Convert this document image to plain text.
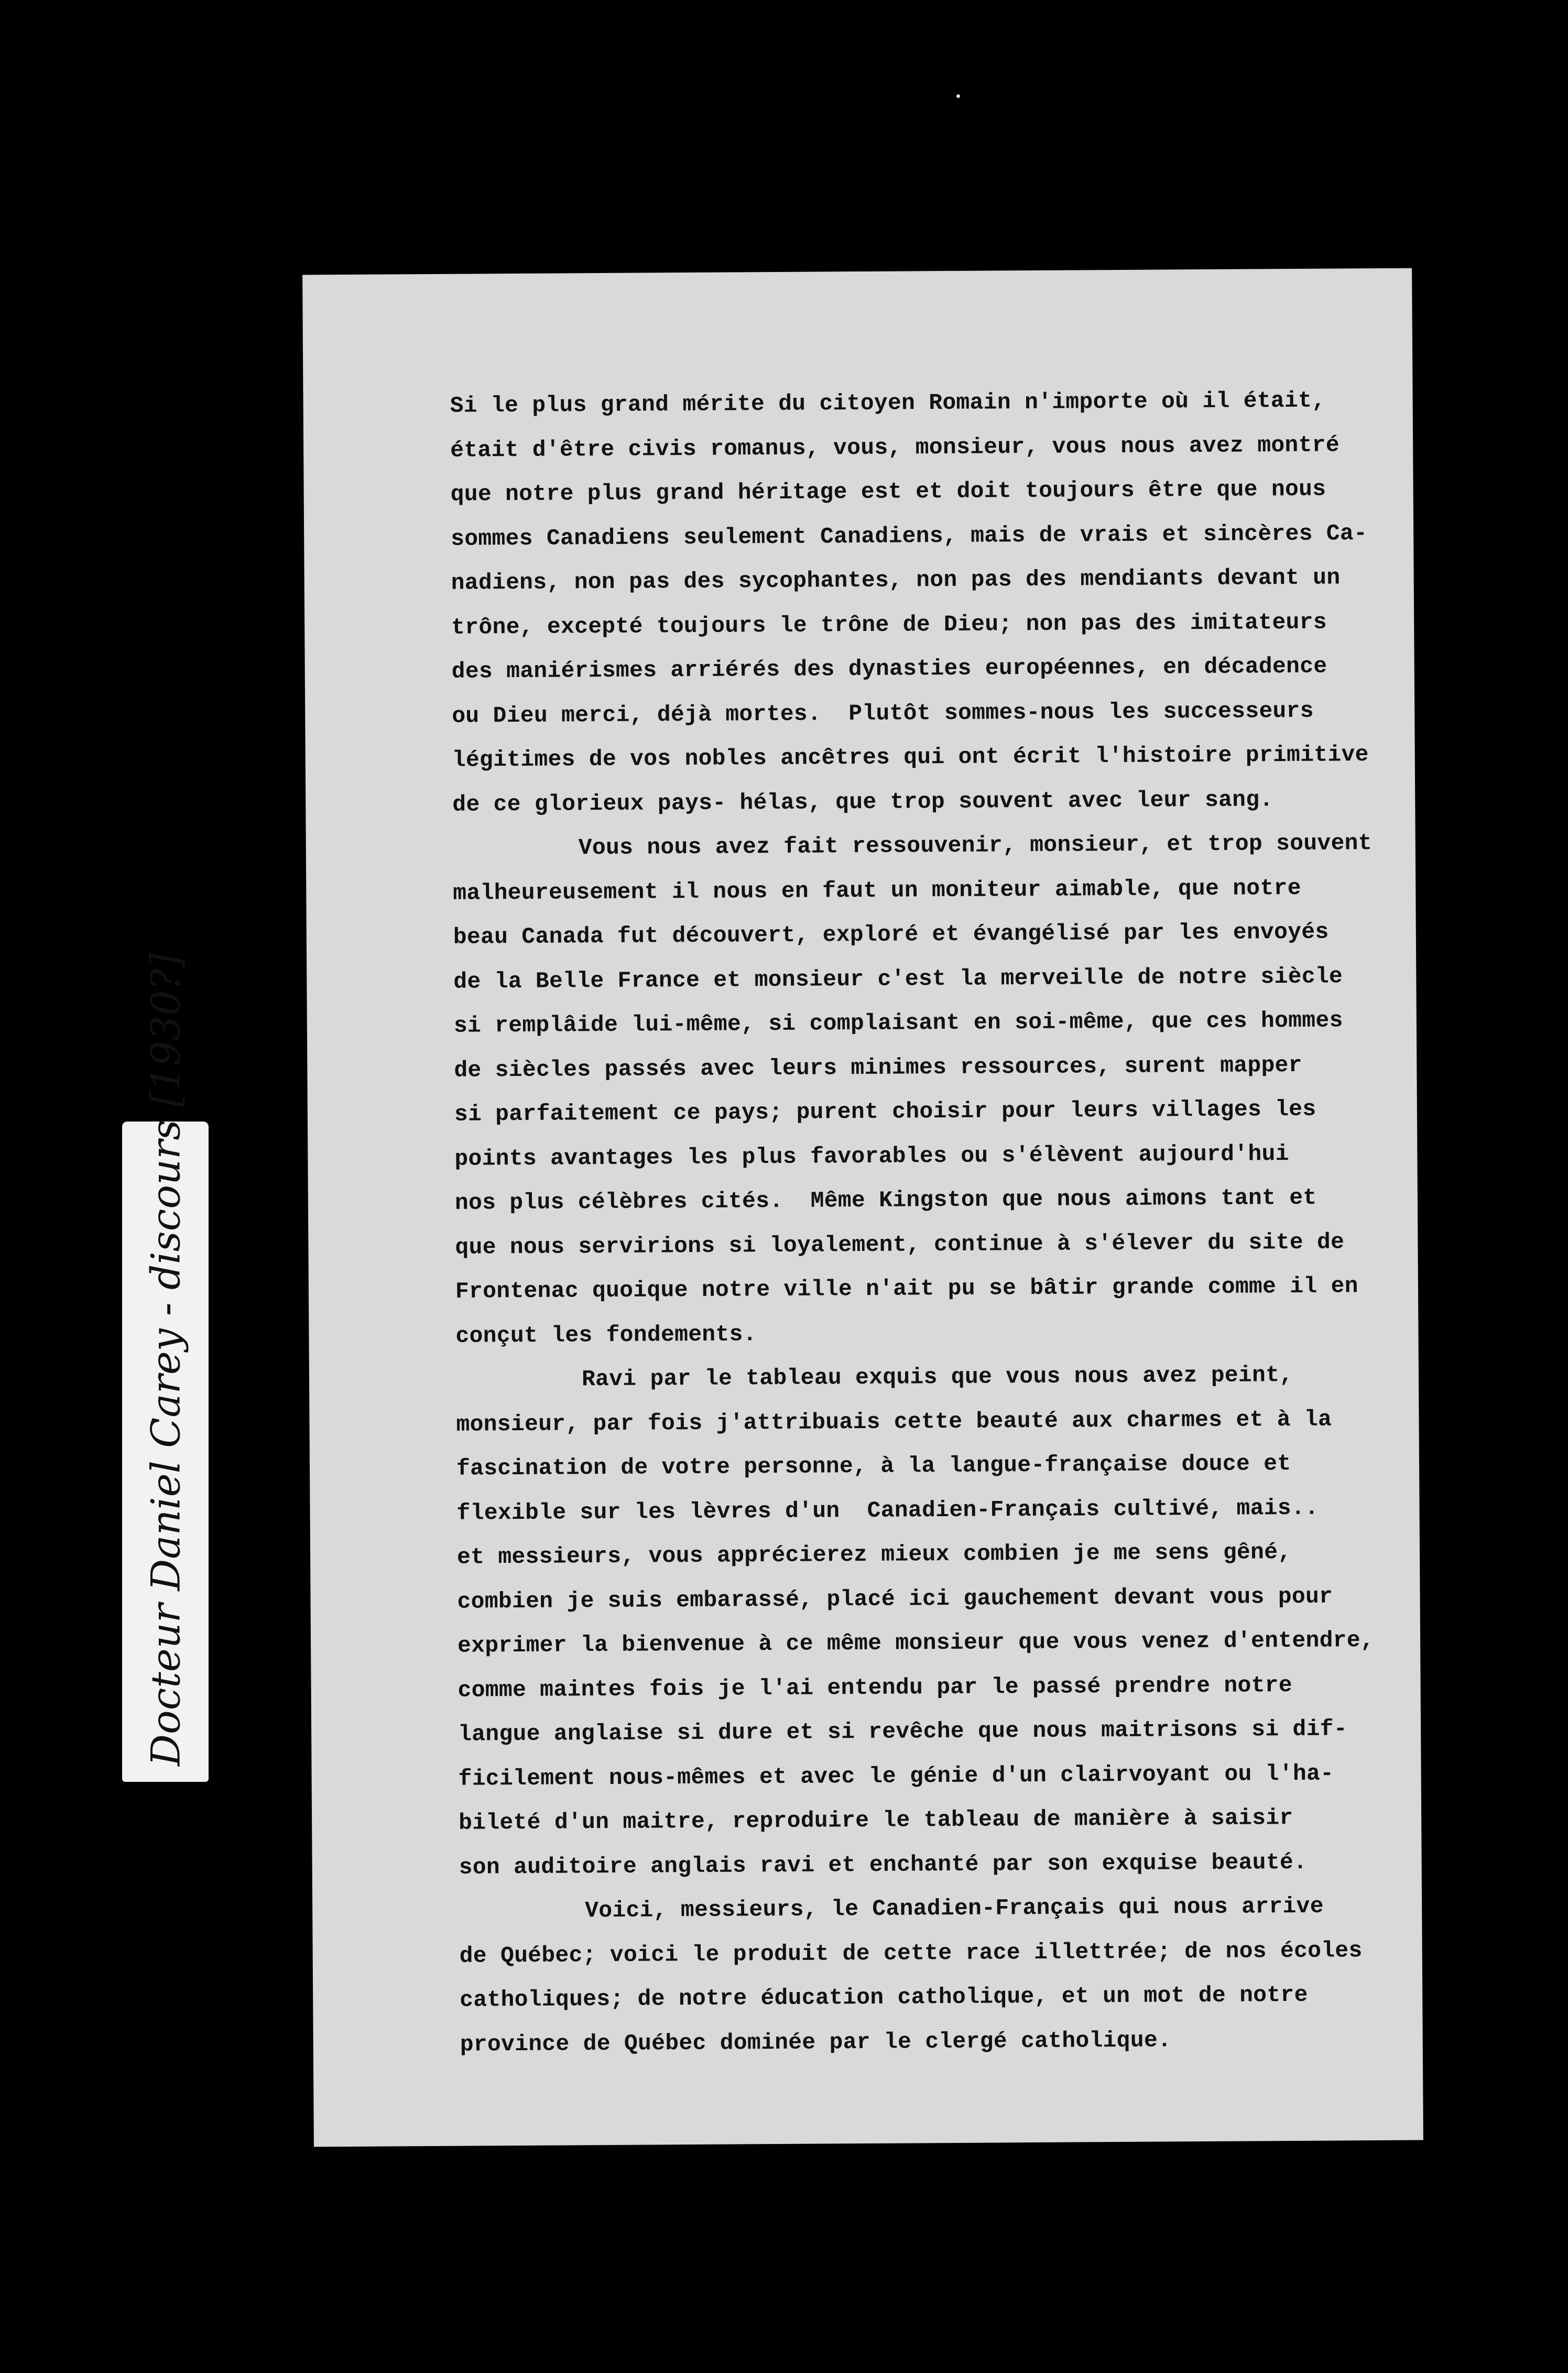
Docteur Daniel Carey - discours [1930?]

Si le plus grand mérite du citoyen Romain n'importe où il était,

était d'être civis romanus, vous, monsieur, vous nous avez montré

que notre plus grand héritage est et doit toujours être que nous

sommes Canadiens seulement Canadiens, mais de vrais et sincères Ca-

nadiens, non pas des sycophantes, non pas des mendiants devant un

trône, excepté toujours le trône de Dieu; non pas des imitateurs

des maniérismes arriérés des dynasties européennes, en décadence

ou Dieu merci, déjà mortes.  Plutôt sommes-nous les successeurs

légitimes de vos nobles ancêtres qui ont écrit l'histoire primitive

de ce glorieux pays- hélas, que trop souvent avec leur sang.

Vous nous avez fait ressouvenir, monsieur, et trop souvent

malheureusement il nous en faut un moniteur aimable, que notre

beau Canada fut découvert, exploré et évangélisé par les envoyés

de la Belle France et monsieur c'est la merveille de notre siècle

si remplâide lui-même, si complaisant en soi-même, que ces hommes

de siècles passés avec leurs minimes ressources, surent mapper

si parfaitement ce pays; purent choisir pour leurs villages les

points avantages les plus favorables ou s'élèvent aujourd'hui

nos plus célèbres cités.  Même Kingston que nous aimons tant et

que nous servirions si loyalement, continue à s'élever du site de

Frontenac quoique notre ville n'ait pu se bâtir grande comme il en

conçut les fondements.

Ravi par le tableau exquis que vous nous avez peint,

monsieur, par fois j'attribuais cette beauté aux charmes et à la

fascination de votre personne, à la langue-française douce et

flexible sur les lèvres d'un  Canadien-Français cultivé, mais..

et messieurs, vous apprécierez mieux combien je me sens gêné,

combien je suis embarassé, placé ici gauchement devant vous pour

exprimer la bienvenue à ce même monsieur que vous venez d'entendre,

comme maintes fois je l'ai entendu par le passé prendre notre

langue anglaise si dure et si revêche que nous maitrisons si dif-

ficilement nous-mêmes et avec le génie d'un clairvoyant ou l'ha-

bileté d'un maitre, reproduire le tableau de manière à saisir

son auditoire anglais ravi et enchanté par son exquise beauté.

Voici, messieurs, le Canadien-Français qui nous arrive

de Québec; voici le produit de cette race illettrée; de nos écoles

catholiques; de notre éducation catholique, et un mot de notre

province de Québec dominée par le clergé catholique.
